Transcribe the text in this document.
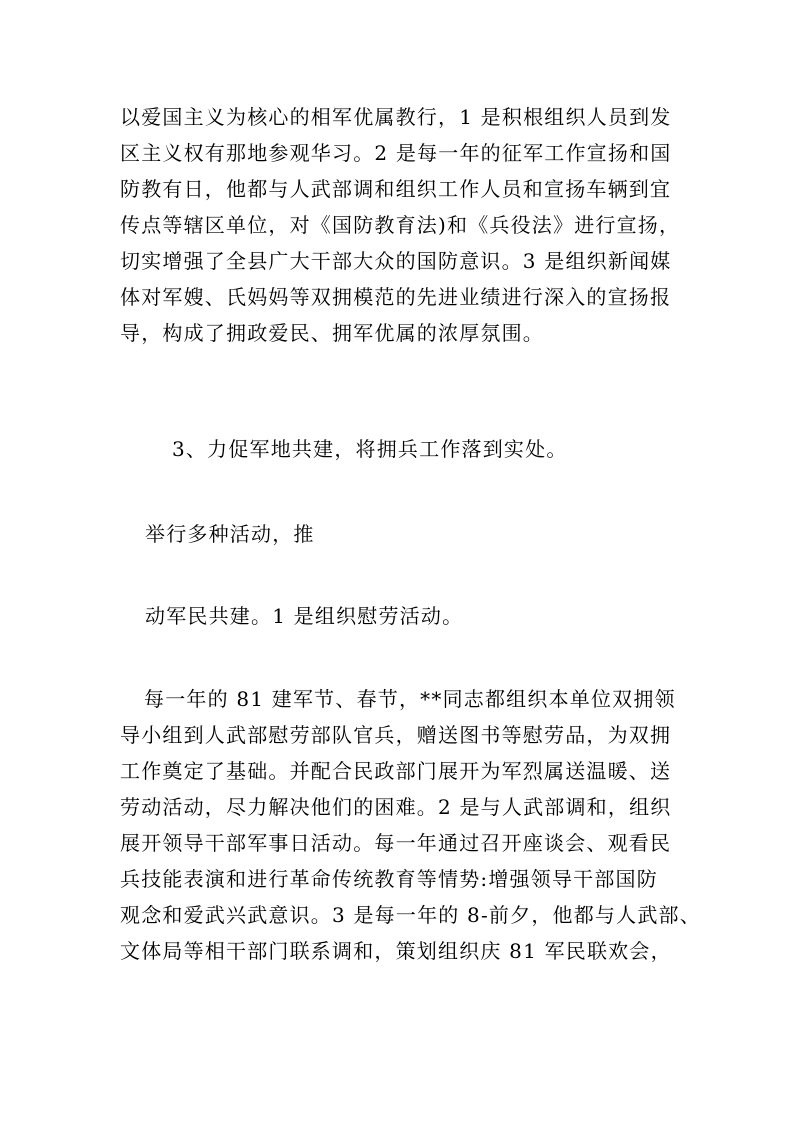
以爱国主义为核心的相军优属教行，1 是积根组织人员到发
区主义权有那地参观华习。2 是每一年的征军工作宣扬和国
防教有日，他都与人武部调和组织工作人员和宣扬车辆到宜
传点等辖区单位，对《国防教育法)和《兵役法》进行宣扬，
切实增强了全县广大干部大众的国防意识。3 是组织新闻媒
体对军嫂、氏妈妈等双拥模范的先进业绩进行深入的宣扬报
导，构成了拥政爱民、拥军优属的浓厚氛围。
3、力促军地共建，将拥兵工作落到实处。
举行多种活动，推
动军民共建。1 是组织慰劳活动。
每一年的 81 建军节、春节，**同志都组织本单位双拥领
导小组到人武部慰劳部队官兵，赠送图书等慰劳品，为双拥
工作奠定了基础。并配合民政部门展开为军烈属送温暖、送
劳动活动，尽力解决他们的困难。2 是与人武部调和，组织
展开领导干部军事日活动。每一年通过召开座谈会、观看民
兵技能表演和进行革命传统教育等情势:增强领导干部国防
观念和爱武兴武意识。3 是每一年的 8-前夕，他都与人武部、
文体局等相干部门联系调和，策划组织庆 81 军民联欢会，
